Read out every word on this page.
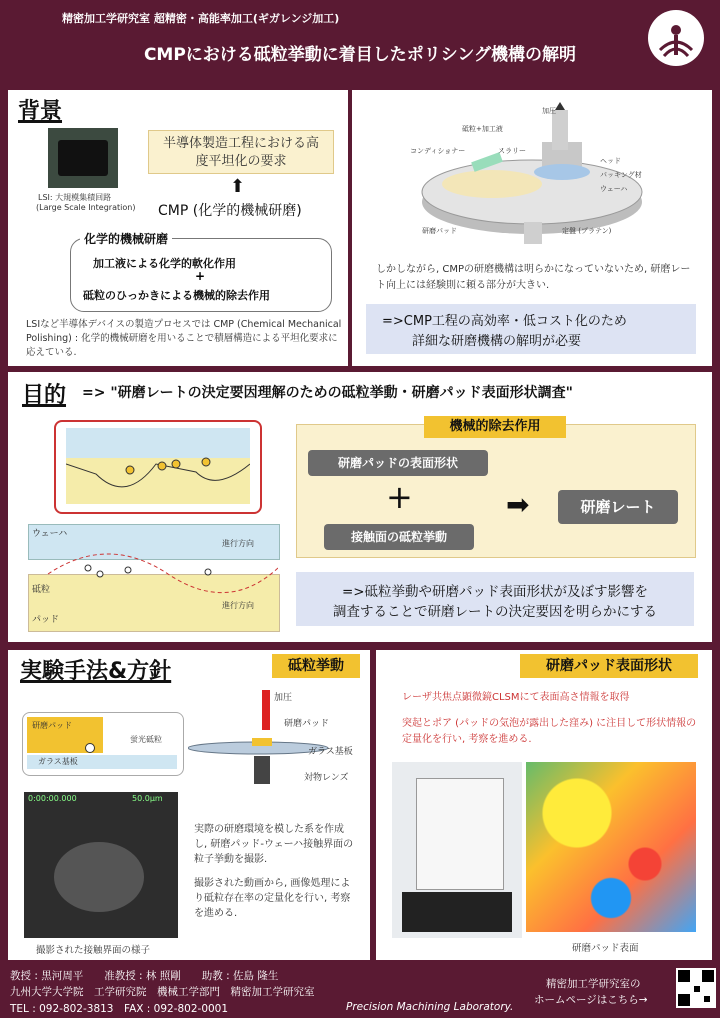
精密加工学研究室 超精密・高能率加工(ギガレンジ加工)
CMPにおける砥粒挙動に着目したポリシング機構の解明
背景
LSI: 大規模集積回路
(Large Scale Integration)
半導体製造工程における高度平坦化の要求
⬆
CMP (化学的機械研磨)
加工液による化学的軟化作用
+
砥粒のひっかきによる機械的除去作用
化学的機械研磨
LSIなど半導体デバイスの製造プロセスでは CMP (Chemical Mechanical Polishing) : 化学的機械研磨を用いることで積層構造による平坦化要求に応えている.
加圧
砥粒+加工液
コンディショナー	スラリー
ヘッド
パッキング材
ウェーハ
研磨パッド	定盤 (プラテン)
しかしながら, CMPの研磨機構は明らかになっていないため, 研磨レート向上には経験則に頼る部分が大きい.
=>CMP工程の高効率・低コスト化のため
詳細な研磨機構の解明が必要
目的 => "研磨レートの決定要因理解のための砥粒挙動・研磨パッド表面形状調査"
ウェーハ
進行方向
砥粒
パッド
進行方向
機械的除去作用
研磨パッドの表面形状
+
接触面の砥粒挙動
➡	研磨レート
=>砥粒挙動や研磨パッド表面形状が及ぼす影響を
調査することで研磨レートの決定要因を明らかにする
実験手法&方針	砥粒挙動
研磨パッド
蛍光砥粒
ガラス基板
加圧
研磨パッド
ガラス基板
対物レンズ
0:00:00.000	50.0µm
実際の研磨環境を模した系を作成し, 研磨パッド-ウェーハ接触界面の粒子挙動を撮影.
撮影された動画から, 画像処理により砥粒存在率の定量化を行い, 考察を進める.
撮影された接触界面の様子
研磨パッド表面形状
レーザ共焦点顕微鏡CLSMにて表面高さ情報を取得
突起とポア (パッドの気泡が露出した窪み) に注目して形状情報の定量化を行い, 考察を進める.
研磨パッド表面
教授 : 黒河周平　　准教授 : 林 照剛　　助教 : 佐島 隆生
九州大学大学院　工学研究院　機械工学部門　精密加工学研究室
TEL : 092-802-3813　FAX : 092-802-0001	Precision Machining Laboratory.
精密加工学研究室の
ホームページはこちら→
